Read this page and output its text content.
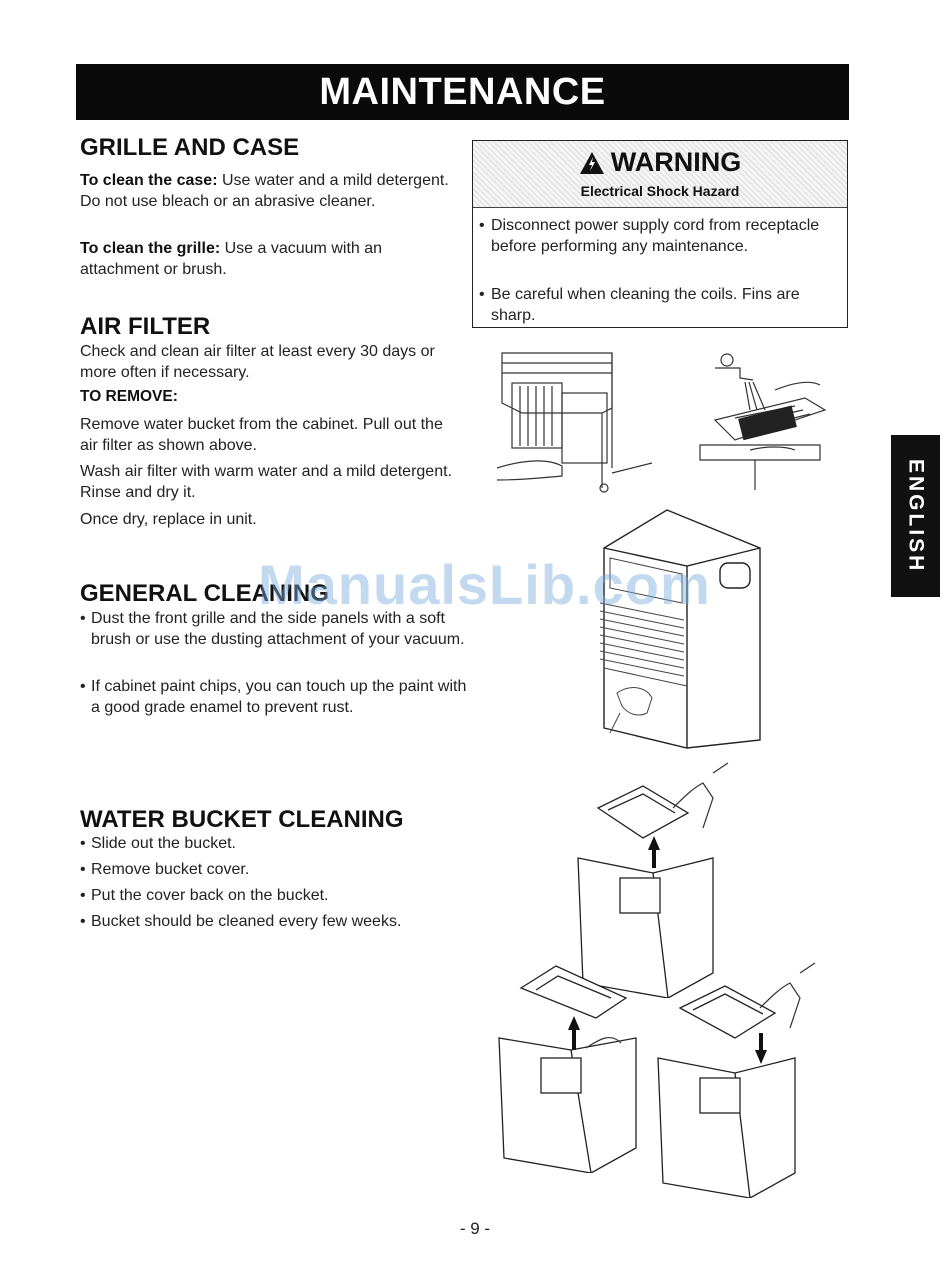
MAINTENANCE
GRILLE AND CASE

To clean the case: Use water and a mild detergent. Do not use bleach or an abrasive cleaner.

To clean the grille: Use a vacuum with an attachment or brush.

WARNING
Electrical Shock Hazard

• Disconnect power supply cord from receptacle before performing any maintenance.

• Be careful when cleaning the coils. Fins are sharp.

AIR FILTER

Check and clean air filter at least every 30 days or more often if necessary.

TO REMOVE:

Remove water bucket from the cabinet. Pull out the air filter as shown above.

Wash air filter with warm water and a mild detergent. Rinse and dry it.

Once dry, replace in unit.

GENERAL CLEANING

• Dust the front grille and the side panels with a soft brush or use the dusting attachment of your vacuum.

• If cabinet paint chips, you can touch up the paint with a good grade enamel to prevent rust.

WATER BUCKET CLEANING

• Slide out the bucket.

• Remove bucket cover.

• Put the cover back on the bucket.

• Bucket should be cleaned every few weeks.

ENGLISH
ManualsLib.com
- 9 -
